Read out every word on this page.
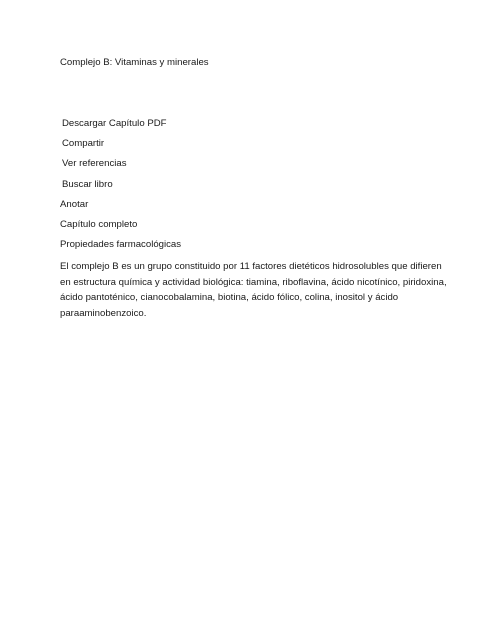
Complejo B: Vitaminas y minerales

Descargar Capítulo PDF

Compartir

Ver referencias

Buscar libro

Anotar

Capítulo completo

Propiedades farmacológicas

El complejo B es un grupo constituido por 11 factores dietéticos hidrosolubles que difieren en estructura química y actividad biológica: tiamina, riboflavina, ácido nicotínico, piridoxina, ácido pantoténico, cianocobalamina, biotina, ácido fólico, colina, inositol y ácido paraaminobenzoico.
